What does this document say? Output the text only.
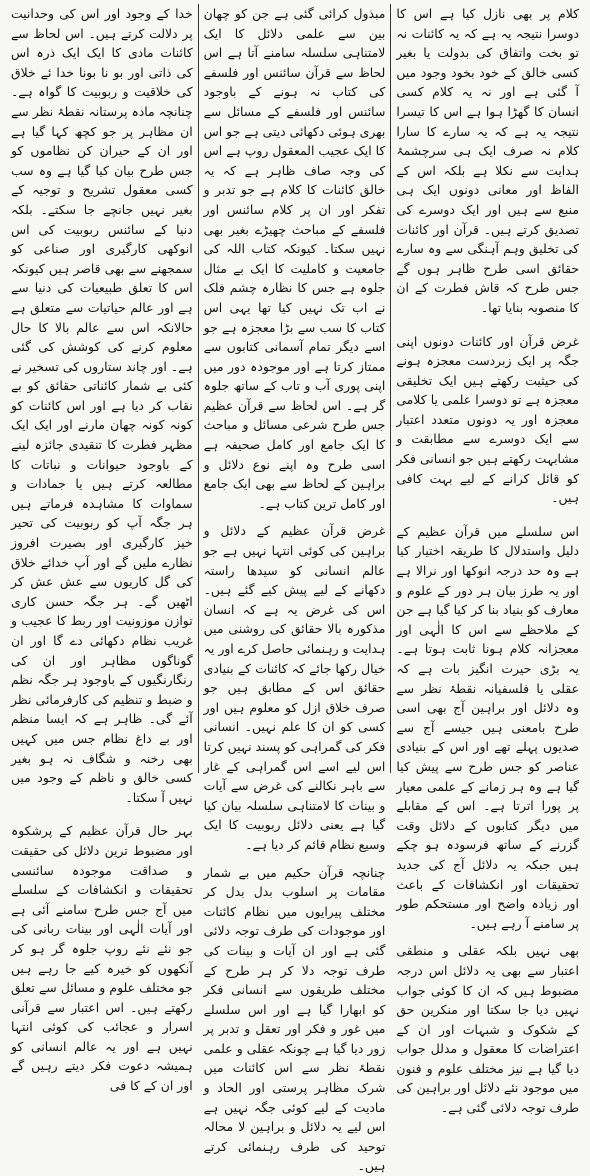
کلام پر بھی نازل کیا ہے اس کا دوسرا نتیجہ یہ ہے کہ یہ کائنات نہ تو بخت واتفاق کی بدولت یا بغیر کسی خالق کے خود بخود وجود میں آ گئی ہے اور نہ یہ کلام کسی انسان کا گھڑا ہوا ہے اس کا تیسرا نتیجہ یہ ہے کہ یہ سارے کا سارا کلام نہ صرف ایک ہی سرچشمۂ ہدایت سے نکلا ہے بلکہ اس کے الفاظ اور معانی دونوں ایک ہی منبع سے ہیں اور ایک دوسرے کی تصدیق کرتے ہیں۔ قرآن اور کائنات کی تخلیق وہم آہنگی سے وہ سارے حقائق اسی طرح ظاہر ہوں گے جس طرح کہ قاش فطرت کے ان کا منصوبہ بنایا تھا۔

غرض قرآن اور کائنات دونوں اپنی جگہ پر ایک زبردست معجزہ ہونے کی حیثیت رکھتے ہیں ایک تخلیقی معجزہ ہے تو دوسرا علمی یا کلامی معجزہ اور یہ دونوں متعدد اعتبار سے ایک دوسرے سے مطابقت و مشابہت رکھتے ہیں جو انسانی فکر کو قائل کرانے کے لیے بہت کافی ہیں۔

اس سلسلے میں قرآن عظیم کے دلیل واستدلال کا طریقہ اختیار کیا ہے وہ حد درجہ انوکھا اور نرالا ہے اور یہ طرز بیان ہر دور کے علوم و معارف کو بنیاد بنا کر کیا گیا ہے جن کے ملاحظے سے اس کا الٰہی اور معجزانہ کلام ہونا ثابت ہوتا ہے۔ یہ بڑی حیرت انگیز بات ہے کہ عقلی یا فلسفیانہ نقطۂ نظر سے وہ دلائل اور براہین آج بھی اسی طرح بامعنی ہیں جیسے آج سے صدیوں پہلے تھے اور اس کے بنیادی عناصر کو جس طرح سے پیش کیا گیا ہے وہ ہر زمانے کے علمی معیار پر پورا اترتا ہے۔ اس کے مقابلے میں دیگر کتابوں کے دلائل وقت گزرنے کے ساتھ فرسودہ ہو چکے ہیں جبکہ یہ دلائل آج کی جدید تحقیقات اور انکشافات کے باعث اور زیادہ واضح اور مستحکم طور پر سامنے آ رہے ہیں۔

بھی نہیں بلکہ عقلی و منطقی اعتبار سے بھی یہ دلائل اس درجہ مضبوط ہیں کہ ان کا کوئی جواب نہیں دیا جا سکتا اور منکرین حق کے شکوک و شبہات اور ان کے اعتراضات کا معقول و مدلل جواب دیا گیا ہے نیز مختلف علوم و فنون میں موجود نئے دلائل اور براہین کی طرف توجہ دلائی گئی ہے۔

مبذول کرائی گئی ہے جن کو چھان بین سے علمی دلائل کا ایک لامتناہی سلسلہ سامنے آتا ہے اس لحاظ سے قرآن سائنس اور فلسفے کی کتاب نہ ہونے کے باوجود سائنس اور فلسفے کے مسائل سے بھری ہوئی دکھائی دیتی ہے جو اس کا ایک عجیب المعقول روپ ہے اس کی وجہ صاف ظاہر ہے کہ یہ خالق کائنات کا کلام ہے جو تدبر و تفکر اور ان پر کلام سائنس اور فلسفے کے مباحث چھیڑے بغیر بھی نہیں سکتا۔ کیونکہ کتاب اللہ کی جامعیت و کاملیت کا ایک بے مثال جلوہ ہے جس کا نظارہ چشم فلک نے اب تک نہیں کیا تھا یہی اس کتاب کا سب سے بڑا معجزہ ہے جو اسے دیگر تمام آسمانی کتابوں سے ممتاز کرتا ہے اور موجودہ دور میں اپنی پوری آب و تاب کے ساتھ جلوہ گر ہے۔ اس لحاظ سے قرآن عظیم جس طرح شرعی مسائل و مباحث کا ایک جامع اور کامل صحیفہ ہے اسی طرح وہ اپنے نوع دلائل و براہین کے لحاظ سے بھی ایک جامع اور کامل ترین کتاب ہے۔

غرض قرآن عظیم کے دلائل و براہین کی کوئی انتہا نہیں ہے جو عالم انسانی کو سیدھا راستہ دکھانے کے لیے پیش کیے گئے ہیں۔ اس کی غرض یہ ہے کہ انسان مذکورہ بالا حقائق کی روشنی میں ہدایت و رہنمائی حاصل کرے اور یہ خیال رکھا جائے کہ کائنات کے بنیادی حقائق اس کے مطابق ہیں جو صرف خلاق ازل کو معلوم ہیں اور کسی کو ان کا علم نہیں۔ انسانی فکر کی گمراہی کو پسند نہیں کرتا اس لیے اسے اس گمراہی کے غار سے باہر نکالنے کی غرض سے آیات و بینات کا لامتناہی سلسلہ بیان کیا گیا ہے یعنی دلائل ربوبیت کا ایک وسیع نظام قائم کر دیا ہے۔

چنانچہ قرآن حکیم میں بے شمار مقامات پر اسلوب بدل بدل کر مختلف پیرایوں میں نظام کائنات اور موجودات کی طرف توجہ دلائی گئی ہے اور ان آیات و بینات کی طرف توجہ دلا کر ہر طرح کے مختلف طریقوں سے انسانی فکر کو ابھارا گیا ہے اور اس سلسلے میں غور و فکر اور تعقل و تدبر پر زور دیا گیا ہے چونکہ عقلی و علمی نقطۂ نظر سے اس کائنات میں شرک مظاہر پرستی اور الحاد و مادیت کے لیے کوئی جگہ نہیں ہے اس لیے یہ دلائل و براہین لا محالہ توحید کی طرف رہنمائی کرتے ہیں۔

خدا کے وجود اور اس کی وحدانیت پر دلالت کرتے ہیں۔ اس لحاظ سے کائنات مادی کا ایک ایک ذرہ اس کی ذاتی اور بو نا بونا خدا ئے خلاق کی خلاقیت و ربوبیت کا گواہ ہے۔ چنانچہ مادہ پرستانہ نقطۂ نظر سے ان مظاہر پر جو کچھ کہا گیا ہے اور ان کے حیران کن نظاموں کو جس طرح بیان کیا گیا ہے وہ سب کسی معقول تشریح و توجیہ کے بغیر نہیں جانچے جا سکتے۔ بلکہ دنیا کے سائنس ربوبیت کی اس انوکھی کارگیری اور صناعی کو سمجھنے سے بھی قاصر ہیں کیونکہ اس کا تعلق طبیعیات کی دنیا سے ہے اور عالم حیاتیات سے متعلق ہے حالانکہ اس سے عالم بالا کا حال معلوم کرنے کی کوشش کی گئی ہے۔ اور چاند ستاروں کی تسخیر نے کئی بے شمار کائناتی حقائق کو بے نقاب کر دیا ہے اور اس کائنات کو کونہ کونہ چھان مارنے اور ایک ایک مظہر فطرت کا تنقیدی جائزہ لینے کے باوجود حیوانات و نباتات کا مطالعہ کرتے ہیں یا جمادات و سماوات کا مشاہدہ فرماتے ہیں ہر جگہ آپ کو ربوبیت کی تحیر خیز کارگیری اور بصیرت افروز نظارے ملیں گے اور آپ خدائے خلاق کی گل کاریوں سے عش عش کر اٹھیں گے۔ ہر جگہ حسن کاری توازن موزونیت اور ربط کا عجیب و غریب نظام دکھائی دے گا اور ان گوناگوں مظاہر اور ان کی رنگارنگیوں کے باوجود ہر جگہ نظم و ضبط و تنظیم کی کارفرمائی نظر آئے گی۔ ظاہر ہے کہ ایسا منظم اور بے داغ نظام جس میں کہیں بھی رخنہ و شگاف نہ ہو بغیر کسی خالق و ناظم کے وجود میں نہیں آ سکتا۔

بہر حال قرآن عظیم کے پرشکوہ اور مضبوط ترین دلائل کی حقیقت و صداقت موجودہ سائنسی تحقیقات و انکشافات کے سلسلے میں آج جس طرح سامنے آئی ہے اور آیات الٰہی اور بینات ربانی کی جو نئے نئے روپ جلوہ گر ہو کر آنکھوں کو خیرہ کیے جا رہے ہیں جو مختلف علوم و مسائل سے تعلق رکھتے ہیں۔ اس اعتبار سے قرآنی اسرار و عجائب کی کوئی انتہا نہیں ہے اور یہ عالم انسانی کو ہمیشہ دعوت فکر دیتے رہیں گے اور ان کے کا فی
